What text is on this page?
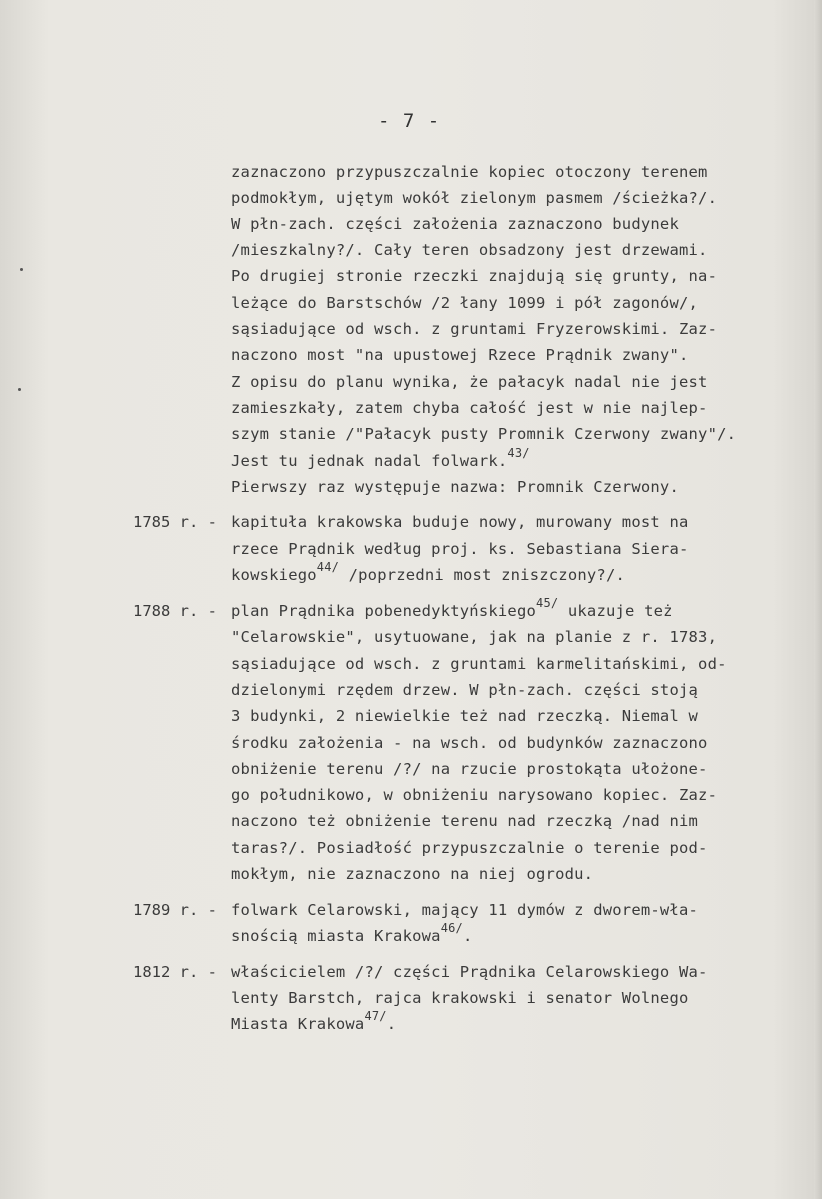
- 7 -
zaznaczono przypuszczalnie kopiec otoczony terenem
podmokłym, ujętym wokół zielonym pasmem /ścieżka?/.
W płn-zach. części założenia zaznaczono budynek
/mieszkalny?/. Cały teren obsadzony jest drzewami.
Po drugiej stronie rzeczki znajdują się grunty, na-
leżące do Barstschów /2 łany 1099 i pół zagonów/,
sąsiadujące od wsch. z gruntami Fryzerowskimi. Zaz-
naczono most "na upustowej Rzece Prądnik zwany".
Z opisu do planu wynika, że pałacyk nadal nie jest
zamieszkały, zatem chyba całość jest w nie najlep-
szym stanie /"Pałacyk pusty Promnik Czerwony zwany"/.
Jest tu jednak nadal folwark.$^{43/}$
Pierwszy raz występuje nazwa: Promnik Czerwony.
1785 r. - kapituła krakowska buduje nowy, murowany most na
rzece Prądnik według proj. ks. Sebastiana Siera-
kowskiego$^{44/}$ /poprzedni most zniszczony?/.
1788 r. - plan Prądnika pobenedyktyńskiego$^{45/}$ ukazuje też
"Celarowskie", usytuowane, jak na planie z r. 1783,
sąsiadujące od wsch. z gruntami karmelitańskimi, od-
dzielonymi rzędem drzew. W płn-zach. części stoją
3 budynki, 2 niewielkie też nad rzeczką. Niemal w
środku założenia - na wsch. od budynków zaznaczono
obniżenie terenu /?/ na rzucie prostokąta ułożone-
go południkowo, w obniżeniu narysowano kopiec. Zaz-
naczono też obniżenie terenu nad rzeczką /nad nim
taras?/. Posiadłość przypuszczalnie o terenie pod-
mokłym, nie zaznaczono na niej ogrodu.
1789 r. - folwark Celarowski, mający 11 dymów z dworem-wła-
snością miasta Krakowa$^{46/}$.
1812 r. - właścicielem /?/ części Prądnika Celarowskiego Wa-
lenty Barstch, rajca krakowski i senator Wolnego
Miasta Krakowa$^{47/}$.
